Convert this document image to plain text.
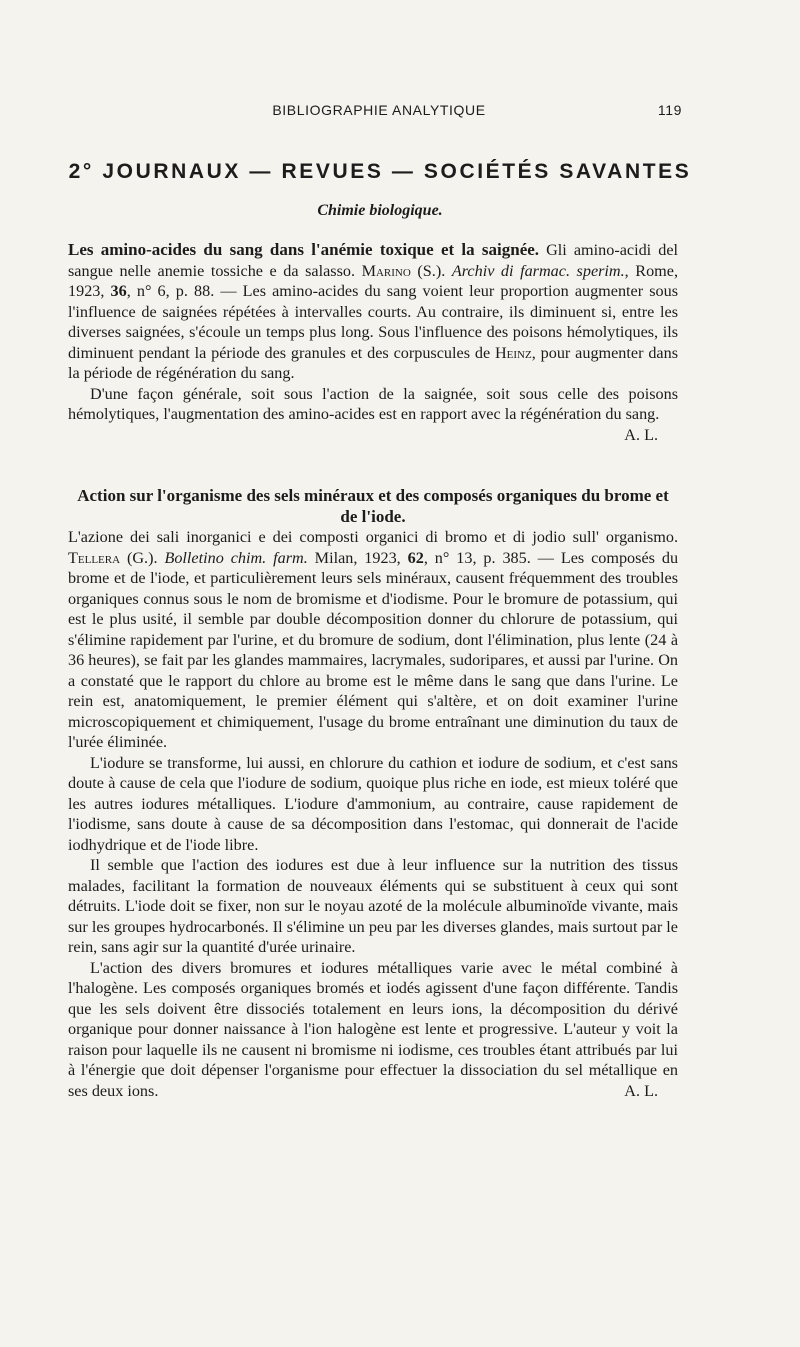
BIBLIOGRAPHIE ANALYTIQUE	119
2° JOURNAUX — REVUES — SOCIÉTÉS SAVANTES
Chimie biologique.

Les amino-acides du sang dans l'anémie toxique et la saignée. Gli amino-acidi del sangue nelle anemie tossiche e da salasso. Marino (S.). Archiv di farmac. sperim., Rome, 1923, 36, n° 6, p. 88. — Les amino-acides du sang voient leur proportion augmenter sous l'influence de saignées répétées à intervalles courts. Au contraire, ils diminuent si, entre les diverses saignées, s'écoule un temps plus long. Sous l'influence des poisons hémolytiques, ils diminuent pendant la période des granules et des corpuscules de Heinz, pour augmenter dans la période de régénération du sang.

D'une façon générale, soit sous l'action de la saignée, soit sous celle des poisons hémolytiques, l'augmentation des amino-acides est en rapport avec la régénération du sang.
A. L.

Action sur l'organisme des sels minéraux et des composés organiques du brome et de l'iode.
L'azione dei sali inorganici e dei composti organici di bromo et di jodio sull' organismo. Tellera (G.). Bolletino chim. farm. Milan, 1923, 62, n° 13, p. 385. — Les composés du brome et de l'iode, et particulièrement leurs sels minéraux, causent fréquemment des troubles organiques connus sous le nom de bromisme et d'iodisme. Pour le bromure de potassium, qui est le plus usité, il semble par double décomposition donner du chlorure de potassium, qui s'élimine rapidement par l'urine, et du bromure de sodium, dont l'élimination, plus lente (24 à 36 heures), se fait par les glandes mammaires, lacrymales, sudoripares, et aussi par l'urine. On a constaté que le rapport du chlore au brome est le même dans le sang que dans l'urine. Le rein est, anatomiquement, le premier élément qui s'altère, et on doit examiner l'urine microscopiquement et chimiquement, l'usage du brome entraînant une diminution du taux de l'urée éliminée.

L'iodure se transforme, lui aussi, en chlorure du cathion et iodure de sodium, et c'est sans doute à cause de cela que l'iodure de sodium, quoique plus riche en iode, est mieux toléré que les autres iodures métalliques. L'iodure d'ammonium, au contraire, cause rapidement de l'iodisme, sans doute à cause de sa décomposition dans l'estomac, qui donnerait de l'acide iodhydrique et de l'iode libre.

Il semble que l'action des iodures est due à leur influence sur la nutrition des tissus malades, facilitant la formation de nouveaux éléments qui se substituent à ceux qui sont détruits. L'iode doit se fixer, non sur le noyau azoté de la molécule albuminoïde vivante, mais sur les groupes hydrocarbonés. Il s'élimine un peu par les diverses glandes, mais surtout par le rein, sans agir sur la quantité d'urée urinaire.

L'action des divers bromures et iodures métalliques varie avec le métal combiné à l'halogène. Les composés organiques bromés et iodés agissent d'une façon différente. Tandis que les sels doivent être dissociés totalement en leurs ions, la décomposition du dérivé organique pour donner naissance à l'ion halogène est lente et progressive. L'auteur y voit la raison pour laquelle ils ne causent ni bromisme ni iodisme, ces troubles étant attribués par lui à l'énergie que doit dépenser l'organisme pour effectuer la dissociation du sel métallique en ses deux ions.	A. L.
